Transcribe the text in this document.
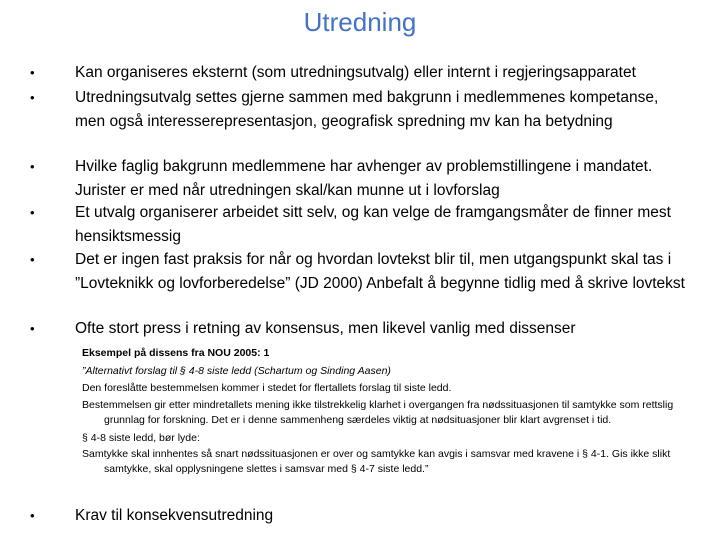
Utredning
•	Kan organiseres eksternt (som utredningsutvalg) eller internt i regjeringsapparatet
•	Utredningsutvalg settes gjerne sammen med bakgrunn i medlemmenes kompetanse, men også interesserepresentasjon, geografisk spredning mv kan ha betydning
•	Hvilke faglig bakgrunn medlemmene har avhenger av problemstillingene i mandatet. Jurister er med når utredningen skal/kan munne ut i lovforslag
•	Et utvalg organiserer arbeidet sitt selv, og kan velge de framgangsmåter de finner mest hensiktsmessig
•	Det er ingen fast praksis for når og hvordan lovtekst blir til, men utgangspunkt skal tas i ”Lovteknikk og lovforberedelse” (JD 2000) Anbefalt å begynne tidlig med å skrive lovtekst
•	Ofte stort press i retning av konsensus, men likevel vanlig med dissenser
•	Krav til konsekvensutredning
Eksempel på dissens fra NOU 2005: 1
”Alternativt forslag til § 4-8 siste ledd (Schartum og Sinding Aasen)
Den foreslåtte bestemmelsen kommer i stedet for flertallets forslag til siste ledd.
Bestemmelsen gir etter mindretallets mening ikke tilstrekkelig klarhet i overgangen fra nødssituasjonen til samtykke som rettslig grunnlag for forskning. Det er i denne sammenheng særdeles viktig at nødsituasjoner blir klart avgrenset i tid.
§ 4-8 siste ledd, bør lyde:
Samtykke skal innhentes så snart nødssituasjonen er over og samtykke kan avgis i samsvar med kravene i § 4-1. Gis ikke slikt samtykke, skal opplysningene slettes i samsvar med § 4-7 siste ledd.”
